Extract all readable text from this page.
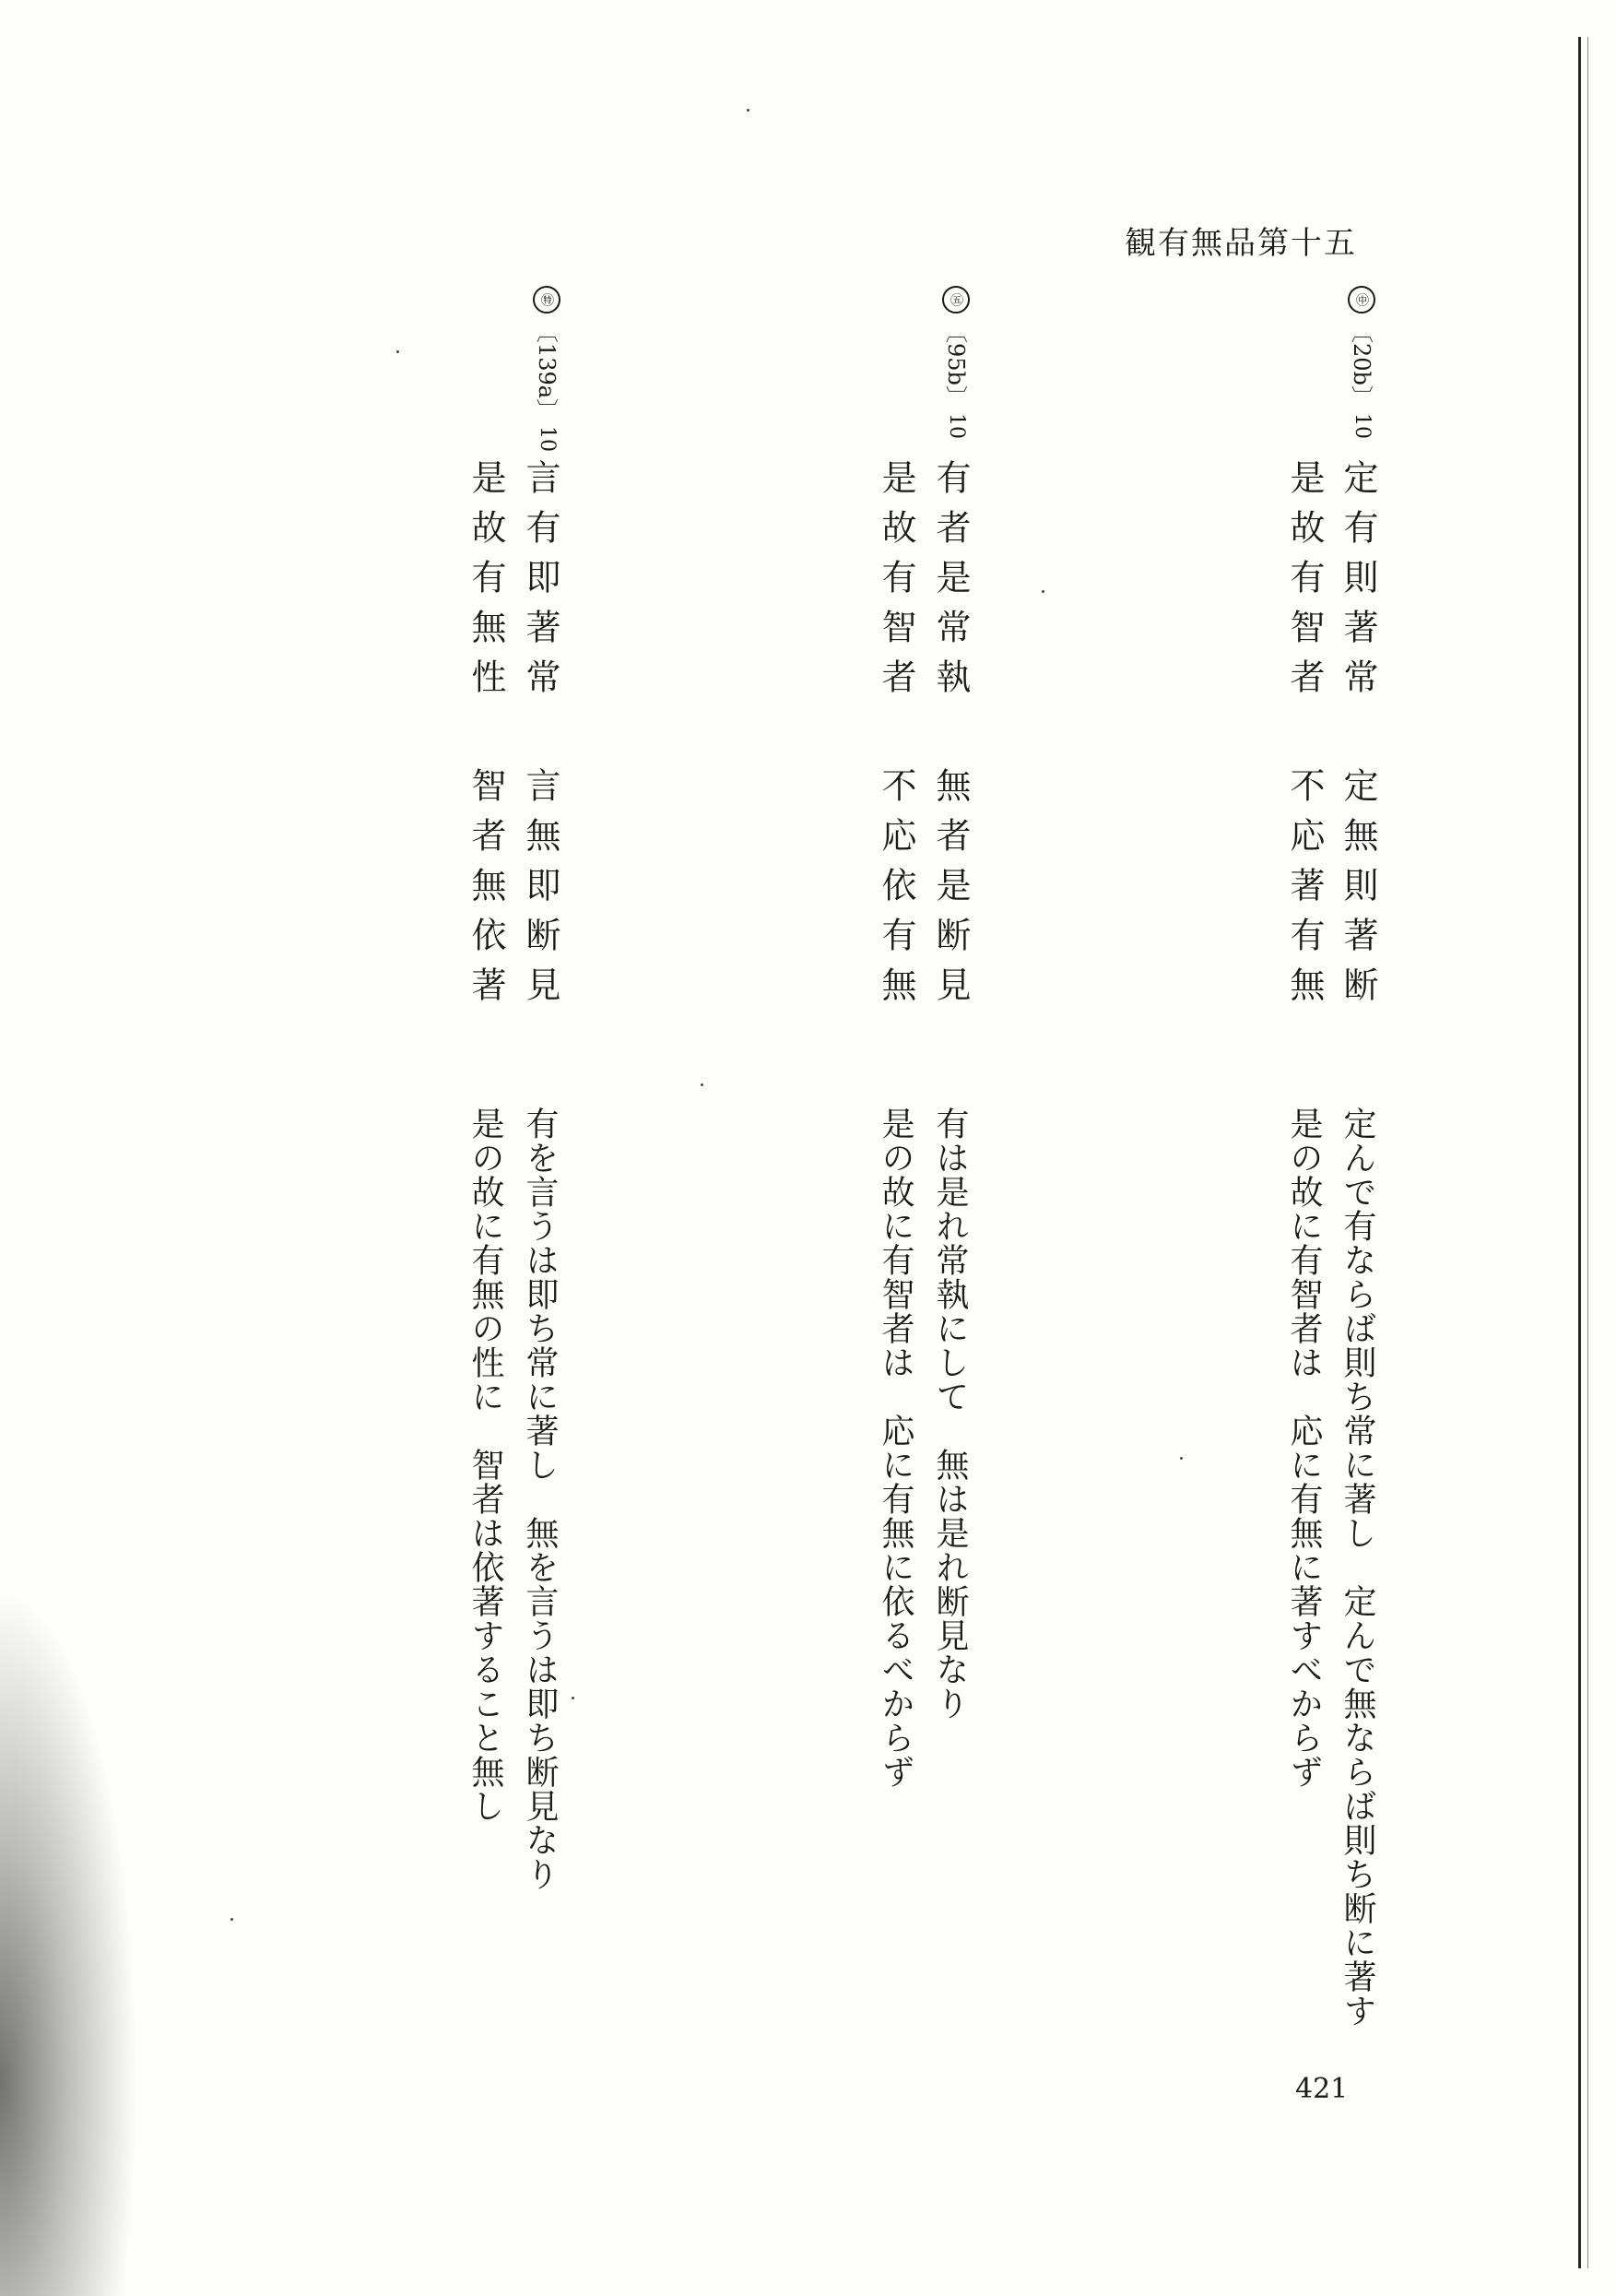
観有無品第十五
㊥〔20b〕10
定有則著常
定無則著断
是故有智者
不応著有無
定んで有ならば則ち常に著し　定んで無ならば則ち断に著す
是の故に有智者は　応に有無に著すべからず
㊄〔95b〕10
有者是常執
無者是断見
是故有智者
不応依有無
有は是れ常執にして　無は是れ断見なり
是の故に有智者は　応に有無に依るべからず
㊕〔139a〕10
言有即著常
言無即断見
是故有無性
智者無依著
有を言うは即ち常に著し　無を言うは即ち断見なり
是の故に有無の性に　智者は依著すること無し
421
